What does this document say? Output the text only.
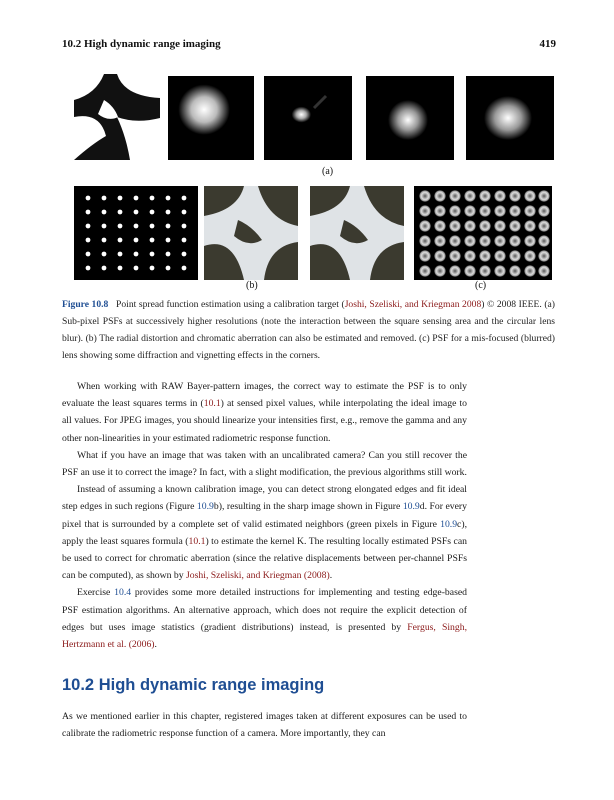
10.2 High dynamic range imaging	419
(a)
(b)	(c)
Figure 10.8 Point spread function estimation using a calibration target (Joshi, Szeliski, and Kriegman 2008) © 2008 IEEE. (a) Sub-pixel PSFs at successively higher resolutions (note the interaction between the square sensing area and the circular lens blur). (b) The radial distortion and chromatic aberration can also be estimated and removed. (c) PSF for a mis-focused (blurred) lens showing some diffraction and vignetting effects in the corners.

When working with RAW Bayer-pattern images, the correct way to estimate the PSF is to only evaluate the least squares terms in (10.1) at sensed pixel values, while interpolating the ideal image to all values. For JPEG images, you should linearize your intensities first, e.g., remove the gamma and any other non-linearities in your estimated radiometric response function.

What if you have an image that was taken with an uncalibrated camera? Can you still recover the PSF an use it to correct the image? In fact, with a slight modification, the previous algorithms still work.

Instead of assuming a known calibration image, you can detect strong elongated edges and fit ideal step edges in such regions (Figure 10.9b), resulting in the sharp image shown in Figure 10.9d. For every pixel that is surrounded by a complete set of valid estimated neighbors (green pixels in Figure 10.9c), apply the least squares formula (10.1) to estimate the kernel K. The resulting locally estimated PSFs can be used to correct for chromatic aberration (since the relative displacements between per-channel PSFs can be computed), as shown by Joshi, Szeliski, and Kriegman (2008).

Exercise 10.4 provides some more detailed instructions for implementing and testing edge-based PSF estimation algorithms. An alternative approach, which does not require the explicit detection of edges but uses image statistics (gradient distributions) instead, is presented by Fergus, Singh, Hertzmann et al. (2006).

10.2 High dynamic range imaging

As we mentioned earlier in this chapter, registered images taken at different exposures can be used to calibrate the radiometric response function of a camera. More importantly, they can
